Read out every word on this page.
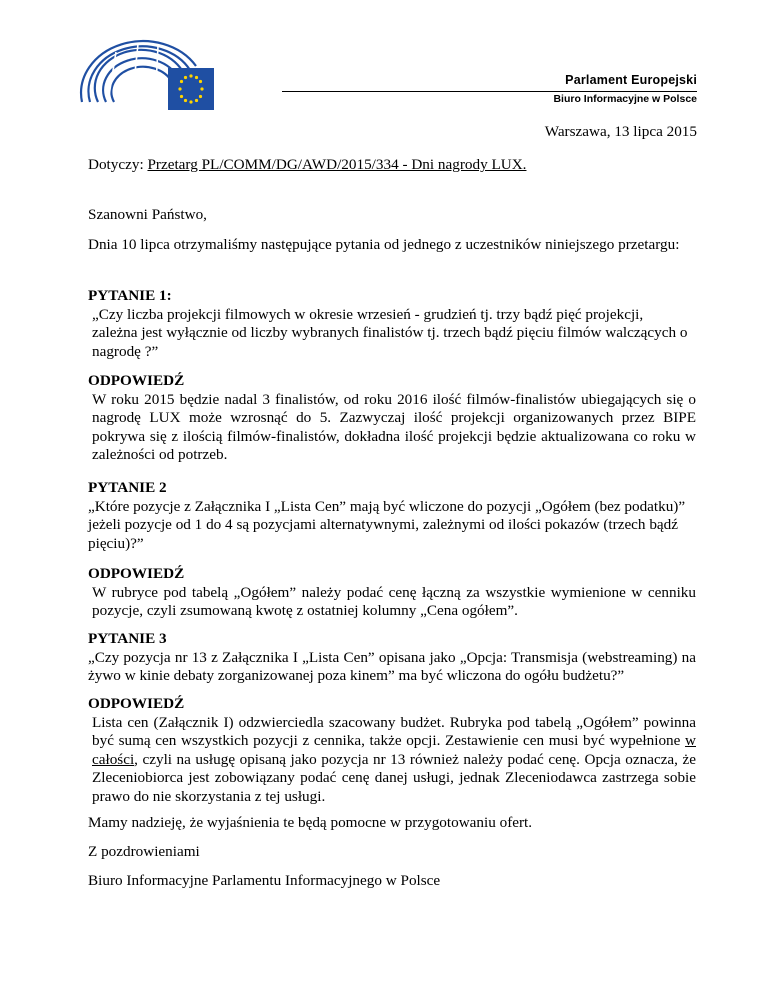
Parlament Europejski
Biuro Informacyjne w Polsce
Warszawa, 13 lipca 2015
Dotyczy: Przetarg PL/COMM/DG/AWD/2015/334 - Dni nagrody LUX.
Szanowni Państwo,
Dnia 10 lipca otrzymaliśmy następujące pytania od jednego z uczestników niniejszego przetargu:
PYTANIE 1:
„Czy liczba projekcji filmowych w okresie wrzesień - grudzień tj. trzy bądź pięć projekcji, zależna jest wyłącznie od liczby wybranych finalistów tj. trzech bądź pięciu filmów walczących o nagrodę ?”
ODPOWIEDŹ
W roku 2015 będzie nadal 3 finalistów, od roku 2016 ilość filmów-finalistów ubiegających się o nagrodę LUX może wzrosnąć do 5. Zazwyczaj ilość projekcji organizowanych przez BIPE pokrywa się z ilością filmów-finalistów, dokładna ilość projekcji będzie aktualizowana co roku w zależności od potrzeb.
PYTANIE 2
„Które pozycje z Załącznika I „Lista Cen” mają być wliczone do pozycji „Ogółem (bez podatku)” jeżeli pozycje od 1 do 4 są pozycjami alternatywnymi, zależnymi od ilości pokazów (trzech bądź pięciu)?”
ODPOWIEDŹ
W rubryce pod tabelą „Ogółem” należy podać cenę łączną za wszystkie wymienione w cenniku pozycje, czyli zsumowaną kwotę z ostatniej kolumny „Cena ogółem”.
PYTANIE 3
„Czy pozycja nr 13 z Załącznika I „Lista Cen” opisana jako „Opcja: Transmisja (webstreaming) na żywo w kinie debaty zorganizowanej poza kinem” ma być wliczona do ogółu budżetu?”
ODPOWIEDŹ
Lista cen (Załącznik I) odzwierciedla szacowany budżet. Rubryka pod tabelą „Ogółem” powinna być sumą cen wszystkich pozycji z cennika, także opcji. Zestawienie cen musi być wypełnione w całości, czyli na usługę opisaną jako pozycja nr 13 również należy podać cenę. Opcja oznacza, że Zleceniobiorca jest zobowiązany podać cenę danej usługi, jednak Zleceniodawca zastrzega sobie prawo do nie skorzystania z tej usługi.
Mamy nadzieję, że wyjaśnienia te będą pomocne w przygotowaniu ofert.
Z pozdrowieniami
Biuro Informacyjne Parlamentu Informacyjnego w Polsce
